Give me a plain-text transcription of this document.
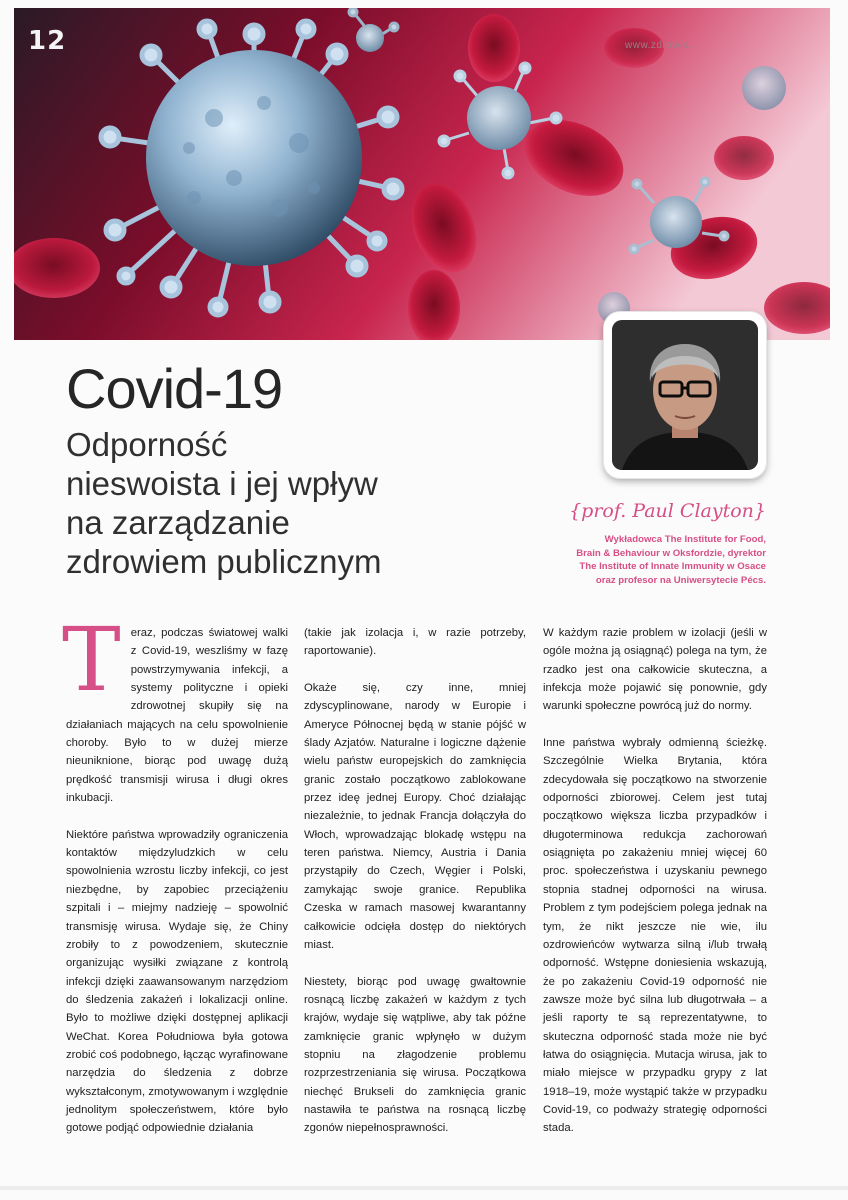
12	www.zdrowie...
Covid-19
Odporność
nieswoista i jej wpływ
na zarządzanie
zdrowiem publicznym
{prof. Paul Clayton}
Wykładowca The Institute for Food,
Brain & Behaviour w Oksfordzie, dyrektor
The Institute of Innate Immunity w Osace
oraz profesor na Uniwersytecie Pécs.

Teraz, podczas światowej walki z Covid-19, weszliśmy w fazę powstrzymywania infekcji, a systemy polityczne i opieki zdrowotnej skupiły się na działaniach mających na celu spowolnienie choroby. Było to w dużej mierze nieuniknione, biorąc pod uwagę dużą prędkość transmisji wirusa i długi okres inkubacji.

Niektóre państwa wprowadziły ograniczenia kontaktów międzyludzkich w celu spowolnienia wzrostu liczby infekcji, co jest niezbędne, by zapobiec przeciążeniu szpitali i – miejmy nadzieję – spowolnić transmisję wirusa. Wydaje się, że Chiny zrobiły to z powodzeniem, skutecznie organizując wysiłki związane z kontrolą infekcji dzięki zaawansowanym narzędziom do śledzenia zakażeń i lokalizacji online. Było to możliwe dzięki dostępnej aplikacji WeChat. Korea Południowa była gotowa zrobić coś podobnego, łącząc wyrafinowane narzędzia do śledzenia z dobrze wykształconym, zmotywowanym i względnie jednolitym społeczeństwem, które było gotowe podjąć odpowiednie działania

(takie jak izolacja i, w razie potrzeby, raportowanie).

Okaże się, czy inne, mniej zdyscyplinowane, narody w Europie i Ameryce Północnej będą w stanie pójść w ślady Azjatów. Naturalne i logiczne dążenie wielu państw europejskich do zamknięcia granic zostało początkowo zablokowane przez ideę jednej Europy. Choć działając niezależnie, to jednak Francja dołączyła do Włoch, wprowadzając blokadę wstępu na teren państwa. Niemcy, Austria i Dania przystąpiły do Czech, Węgier i Polski, zamykając swoje granice. Republika Czeska w ramach masowej kwarantanny całkowicie odcięła dostęp do niektórych miast.

Niestety, biorąc pod uwagę gwałtownie rosnącą liczbę zakażeń w każdym z tych krajów, wydaje się wątpliwe, aby tak późne zamknięcie granic wpłynęło w dużym stopniu na złagodzenie problemu rozprzestrzeniania się wirusa. Początkowa niechęć Brukseli do zamknięcia granic nastawiła te państwa na rosnącą liczbę zgonów niepełnosprawności.

W każdym razie problem w izolacji (jeśli w ogóle można ją osiągnąć) polega na tym, że rzadko jest ona całkowicie skuteczna, a infekcja może pojawić się ponownie, gdy warunki społeczne powrócą już do normy.

Inne państwa wybrały odmienną ścieżkę. Szczególnie Wielka Brytania, która zdecydowała się początkowo na stworzenie odporności zbiorowej. Celem jest tutaj początkowo większa liczba przypadków i długoterminowa redukcja zachorowań osiągnięta po zakażeniu mniej więcej 60 proc. społeczeństwa i uzyskaniu pewnego stopnia stadnej odporności na wirusa. Problem z tym podejściem polega jednak na tym, że nikt jeszcze nie wie, ilu ozdrowieńców wytwarza silną i/lub trwałą odporność. Wstępne doniesienia wskazują, że po zakażeniu Covid-19 odporność nie zawsze może być silna lub długotrwała – a jeśli raporty te są reprezentatywne, to skuteczna odporność stada może nie być łatwa do osiągnięcia. Mutacja wirusa, jak to miało miejsce w przypadku grypy z lat 1918–19, może wystąpić także w przypadku Covid-19, co podważy strategię odporności stada.
